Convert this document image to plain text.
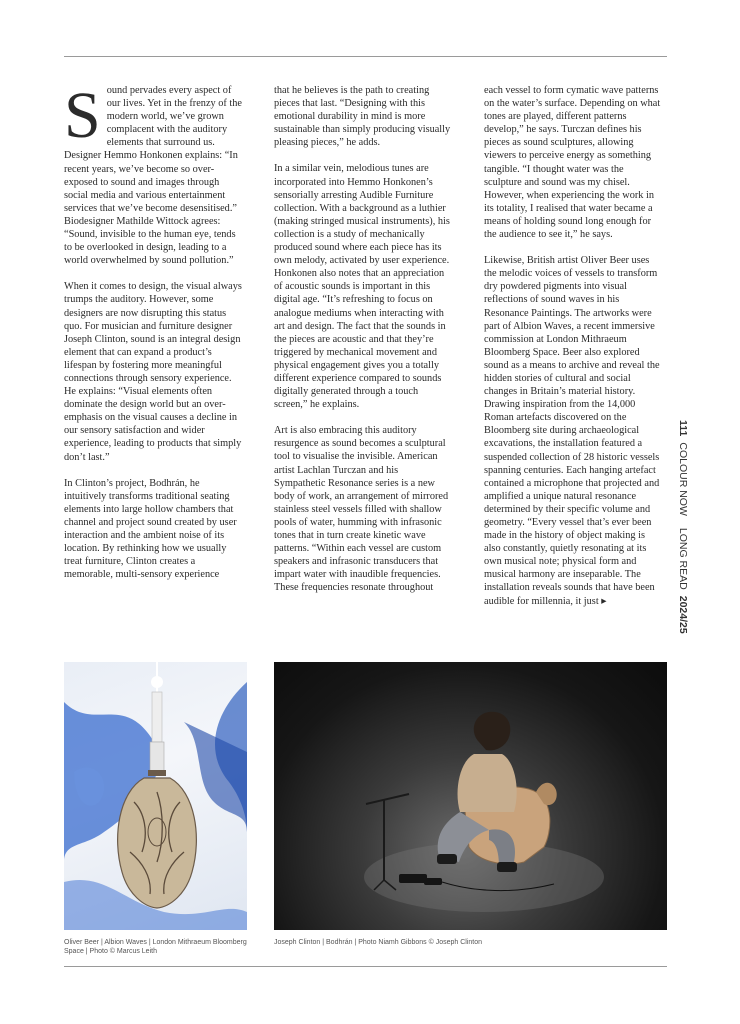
S ound pervades every aspect of our lives. Yet in the frenzy of the modern world, we’ve grown complacent with the auditory elements that surround us. Designer Hemmo Honkonen explains: “In recent years, we’ve become so over-exposed to sound and images through social media and various entertainment services that we’ve become desensitised.” Biodesigner Mathilde Wittock agrees: “Sound, invisible to the human eye, tends to be overlooked in design, leading to a world overwhelmed by sound pollution.”

When it comes to design, the visual always trumps the auditory. However, some designers are now disrupting this status quo. For musician and furniture designer Joseph Clinton, sound is an integral design element that can expand a product’s lifespan by fostering more meaningful connections through sensory experience. He explains: “Visual elements often dominate the design world but an over-emphasis on the visual causes a decline in our sensory satisfaction and wider experience, leading to products that simply don’t last.”

In Clinton’s project, Bodhrán, he intuitively transforms traditional seating elements into large hollow chambers that channel and project sound created by user interaction and the ambient noise of its location. By rethinking how we usually treat furniture, Clinton creates a memorable, multi-sensory experience

that he believes is the path to creating pieces that last. “Designing with this emotional durability in mind is more sustainable than simply producing visually pleasing pieces,” he adds.

In a similar vein, melodious tunes are incorporated into Hemmo Honkonen’s sensorially arresting Audible Furniture collection. With a background as a luthier (making stringed musical instruments), his collection is a study of mechanically produced sound where each piece has its own melody, activated by user experience. Honkonen also notes that an appreciation of acoustic sounds is important in this digital age. “It’s refreshing to focus on analogue mediums when interacting with art and design. The fact that the sounds in the pieces are acoustic and that they’re triggered by mechanical movement and physical engagement gives you a totally different experience compared to sounds digitally generated through a touch screen,” he explains.

Art is also embracing this auditory resurgence as sound becomes a sculptural tool to visualise the invisible. American artist Lachlan Turczan and his Sympathetic Resonance series is a new body of work, an arrangement of mirrored stainless steel vessels filled with shallow pools of water, humming with infrasonic tones that in turn create kinetic wave patterns. “Within each vessel are custom speakers and infrasonic transducers that impart water with inaudible frequencies. These frequencies resonate throughout

each vessel to form cymatic wave patterns on the water’s surface. Depending on what tones are played, different patterns develop,” he says. Turczan defines his pieces as sound sculptures, allowing viewers to perceive energy as something tangible. “I thought water was the sculpture and sound was my chisel. However, when experiencing the work in its totality, I realised that water became a means of holding sound long enough for the audience to see it,” he says.

Likewise, British artist Oliver Beer uses the melodic voices of vessels to transform dry powdered pigments into visual reflections of sound waves in his Resonance Paintings. The artworks were part of Albion Waves, a recent immersive commission at London Mithraeum Bloomberg Space. Beer also explored sound as a means to archive and reveal the hidden stories of cultural and social changes in Britain’s material history. Drawing inspiration from the 14,000 Roman artefacts discovered on the Bloomberg site during archaeological excavations, the installation featured a suspended collection of 28 historic vessels spanning centuries. Each hanging artefact contained a microphone that projected and amplified a unique natural resonance determined by their specific volume and geometry. “Every vessel that’s ever been made in the history of object making is also constantly, quietly resonating at its own musical note; physical form and musical harmony are inseparable. The installation reveals sounds that have been audible for millennia, it just ▸

111
COLOUR NOW
LONG READ
2024/25
Oliver Beer | Albion Waves | London Mithraeum Bloomberg Space | Photo © Marcus Leith
Joseph Clinton | Bodhrán | Photo Niamh Gibbons © Joseph Clinton
